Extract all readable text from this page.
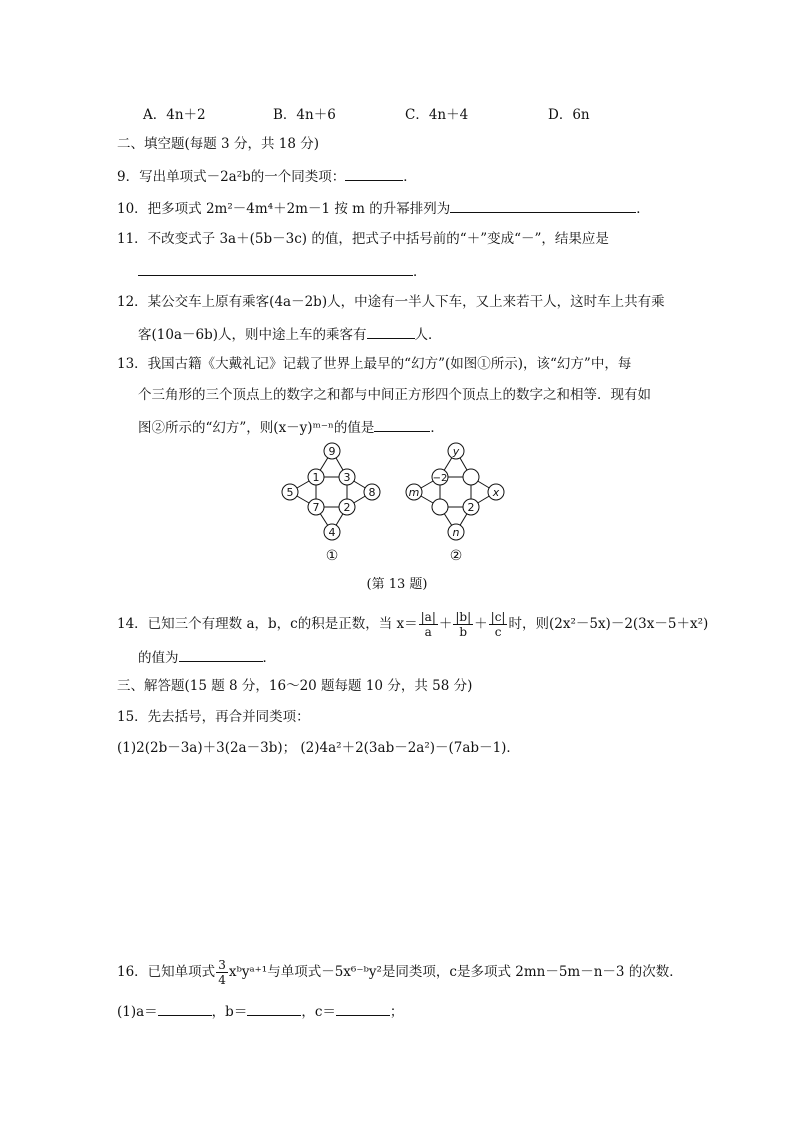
A．4n＋2	B．4n＋6	C．4n＋4	D．6n
二、填空题(每题 3 分，共 18 分)
9．写出单项式－2a²b的一个同类项：	．
10．把多项式 2m²－4m⁴＋2m－1 按 m 的升幂排列为	．
11．不改变式子 3a＋(5b－3c) 的值，把式子中括号前的“＋”变成“－”，结果应是
．
12．某公交车上原有乘客(4a－2b)人，中途有一半人下车，又上来若干人，这时车上共有乘
客(10a－6b)人，则中途上车的乘客有	人．
13．我国古籍《大戴礼记》记载了世界上最早的“幻方”(如图①所示)，该“幻方”中，每
个三角形的三个顶点上的数字之和都与中间正方形四个顶点上的数字之和相等．现有如
图②所示的“幻方”，则(x－y)ᵐ⁻ⁿ的值是	．
9
1 3
5	8
7 2
4
y
−2
m	x
2
n
①	②
(第 13 题)
14．已知三个有理数 a，b，c的积是正数，当 $x= \frac{|a|}{a} + \frac{|b|}{b} + \frac{|c|}{c}$ 时，则(2x²－5x)－2(3x－5＋x²)
的值为	．
三、解答题(15 题 8 分，16～20 题每题 10 分，共 58 分)
15．先去括号，再合并同类项：
(1)2(2b－3a)＋3(2a－3b)； (2)4a²＋2(3ab－2a²)－(7ab－1)．
16．已知单项式 $\frac{3}{4}$ xᵇyᵃ⁺¹与单项式－5x⁶⁻ᵇy²是同类项，c是多项式 2mn－5m－n－3 的次数．
(1)a＝	，b＝	，c＝	；
